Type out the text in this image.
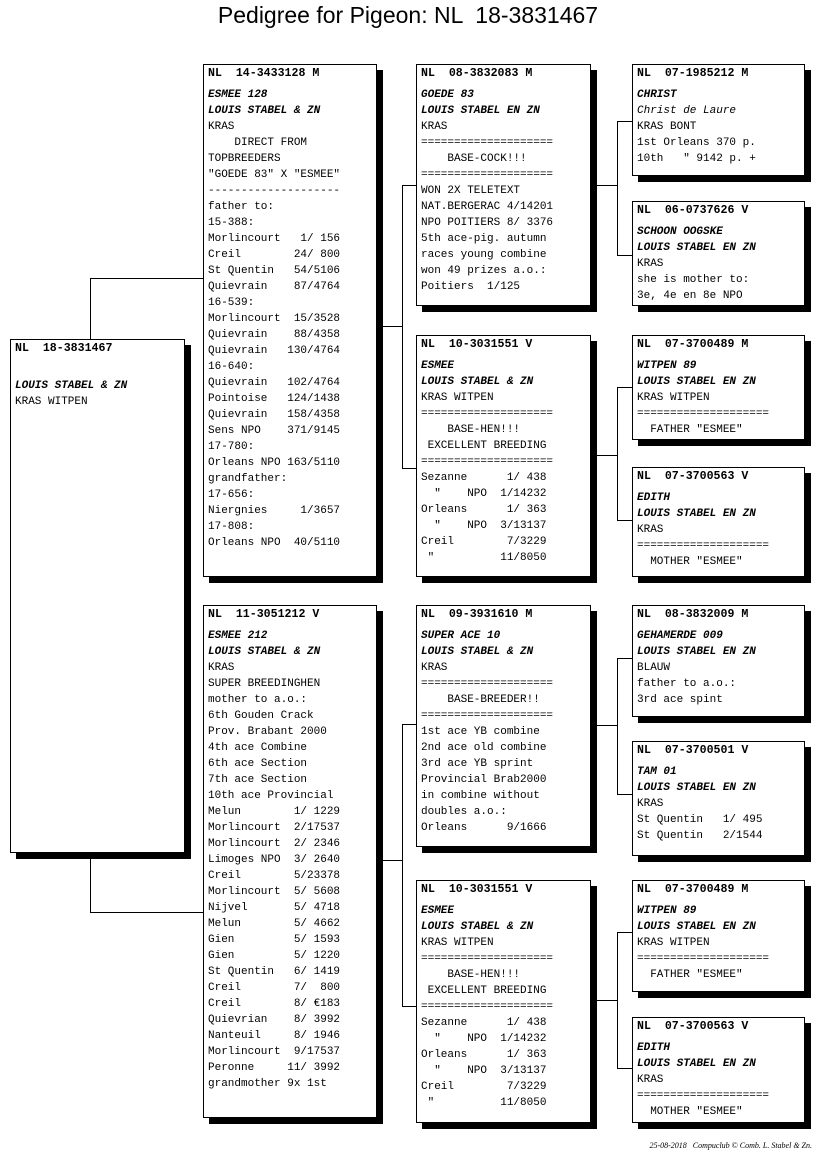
Pedigree for Pigeon: NL  18-3831467
NL  18-3831467
LOUIS STABEL & ZN
KRAS WITPEN
NL  14-3433128 M
ESMEE 128
LOUIS STABEL & ZN
KRAS
DIRECT FROM
TOPBREEDERS
"GOEDE 83" X "ESMEE"
--------------------
father to:
15-388:
Morlincourt   1/ 156
Creil        24/ 800
St Quentin   54/5106
Quievrain    87/4764
16-539:
Morlincourt  15/3528
Quievrain    88/4358
Quievrain   130/4764
16-640:
Quievrain   102/4764
Pointoise   124/1438
Quievrain   158/4358
Sens NPO    371/9145
17-780:
Orleans NPO 163/5110
grandfather:
17-656:
Niergnies     1/3657
17-808:
Orleans NPO  40/5110
NL  11-3051212 V
ESMEE 212
LOUIS STABEL & ZN
KRAS
SUPER BREEDINGHEN
mother to a.o.:
6th Gouden Crack
Prov. Brabant 2000
4th ace Combine
6th ace Section
7th ace Section
10th ace Provincial
Melun        1/ 1229
Morlincourt  2/17537
Morlincourt  2/ 2346
Limoges NPO  3/ 2640
Creil        5/23378
Morlincourt  5/ 5608
Nijvel       5/ 4718
Melun        5/ 4662
Gien         5/ 1593
Gien         5/ 1220
St Quentin   6/ 1419
Creil        7/  800
Creil        8/ €183
Quievrian    8/ 3992
Nanteuil     8/ 1946
Morlincourt  9/17537
Peronne     11/ 3992
grandmother 9x 1st
NL  08-3832083 M
GOEDE 83
LOUIS STABEL EN ZN
KRAS
====================
BASE-COCK!!!
====================
WON 2X TELETEXT
NAT.BERGERAC 4/14201
NPO POITIERS 8/ 3376
5th ace-pig. autumn
races young combine
won 49 prizes a.o.:
Poitiers  1/125
NL  10-3031551 V
ESMEE
LOUIS STABEL & ZN
KRAS WITPEN
====================
BASE-HEN!!!
EXCELLENT BREEDING
====================
Sezanne      1/ 438
"    NPO  1/14232
Orleans      1/ 363
"    NPO  3/13137
Creil        7/3229
"          11/8050
NL  09-3931610 M
SUPER ACE 10
LOUIS STABEL & ZN
KRAS
====================
BASE-BREEDER!!
====================
1st ace YB combine
2nd ace old combine
3rd ace YB sprint
Provincial Brab2000
in combine without
doubles a.o.:
Orleans      9/1666
NL  10-3031551 V
ESMEE
LOUIS STABEL & ZN
KRAS WITPEN
====================
BASE-HEN!!!
EXCELLENT BREEDING
====================
Sezanne      1/ 438
"    NPO  1/14232
Orleans      1/ 363
"    NPO  3/13137
Creil        7/3229
"          11/8050
NL  07-1985212 M
CHRIST
Christ de Laure
KRAS BONT
1st Orleans 370 p.
10th   " 9142 p. +
NL  06-0737626 V
SCHOON OOGSKE
LOUIS STABEL EN ZN
KRAS
she is mother to:
3e, 4e en 8e NPO
NL  07-3700489 M
WITPEN 89
LOUIS STABEL EN ZN
KRAS WITPEN
====================
FATHER "ESMEE"
NL  07-3700563 V
EDITH
LOUIS STABEL EN ZN
KRAS
====================
MOTHER "ESMEE"
NL  08-3832009 M
GEHAMERDE 009
LOUIS STABEL EN ZN
BLAUW
father to a.o.:
3rd ace spint
NL  07-3700501 V
TAM 01
LOUIS STABEL EN ZN
KRAS
St Quentin   1/ 495
St Quentin   2/1544
NL  07-3700489 M
WITPEN 89
LOUIS STABEL EN ZN
KRAS WITPEN
====================
FATHER "ESMEE"
NL  07-3700563 V
EDITH
LOUIS STABEL EN ZN
KRAS
====================
MOTHER "ESMEE"
25-08-2018   Compuclub © Comb. L. Stabel & Zn.
